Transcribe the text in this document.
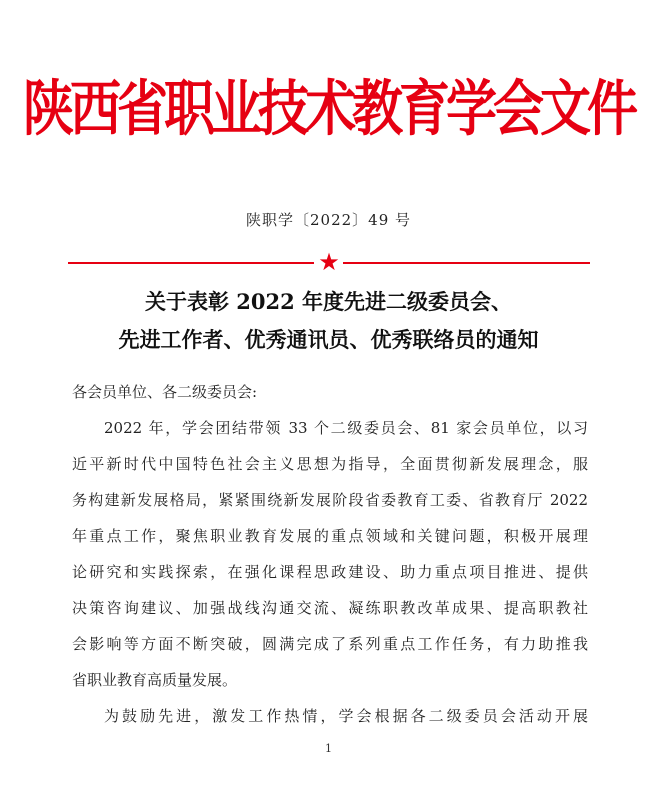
陕西省职业技术教育学会文件
陕职学〔2022〕49 号
★
关于表彰 2022 年度先进二级委员会、
先进工作者、优秀通讯员、优秀联络员的通知
各会员单位、各二级委员会:
2022 年，学会团结带领 33 个二级委员会、81 家会员单位，以习
近平新时代中国特色社会主义思想为指导，全面贯彻新发展理念，服
务构建新发展格局，紧紧围绕新发展阶段省委教育工委、省教育厅 2022
年重点工作，聚焦职业教育发展的重点领域和关键问题，积极开展理
论研究和实践探索，在强化课程思政建设、助力重点项目推进、提供
决策咨询建议、加强战线沟通交流、凝练职教改革成果、提高职教社
会影响等方面不断突破，圆满完成了系列重点工作任务，有力助推我
省职业教育高质量发展。
为鼓励先进，激发工作热情，学会根据各二级委员会活动开展
1
